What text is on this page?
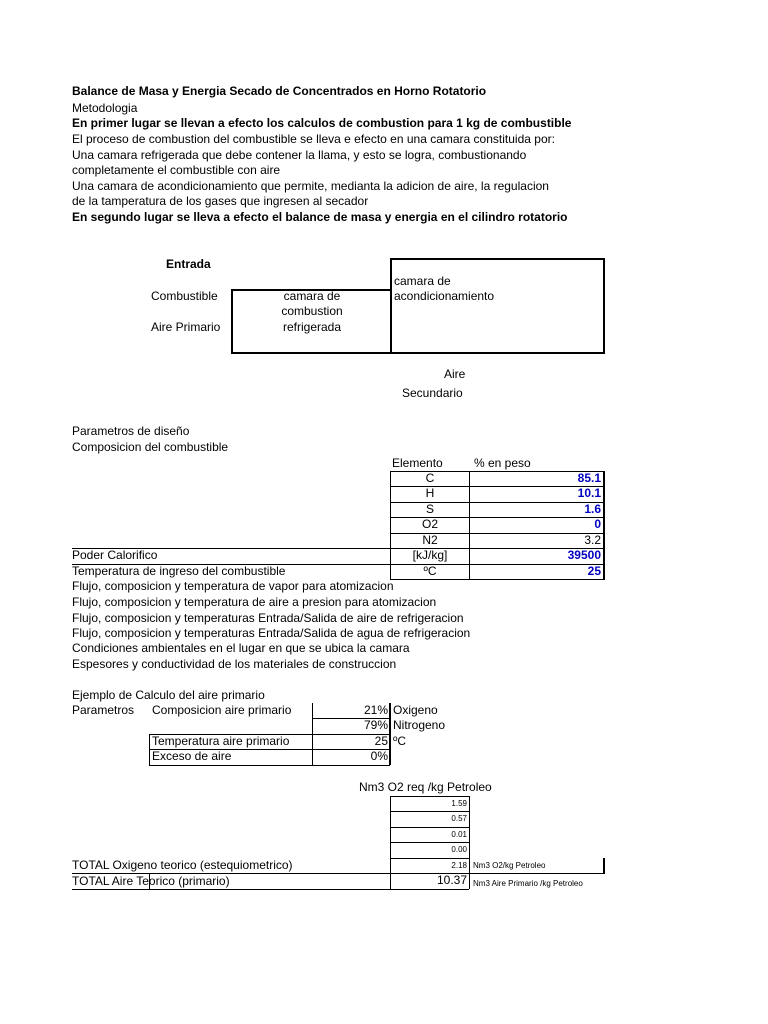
Balance de Masa y Energia Secado de Concentrados en Horno Rotatorio
Metodologia
En primer lugar se llevan a efecto los calculos de combustion para 1 kg de combustible
El proceso de combustion del combustible se lleva e efecto en una camara constituida por:
Una camara refrigerada que debe contener la llama, y esto se logra, combustionando
completamente el combustible con aire
Una camara de acondicionamiento que permite, mediantа la adicion de aire, la regulacion
de la tamperatura de los gases que ingresen al secador
En segundo lugar se lleva a efecto el balance de masa y energia en el cilindro rotatorio
Entrada
camara de
acondicionamiento
Combustible
Aire Primario
camara de
combustion
refrigerada
Aire
Secundario
Parametros de diseño
Composicion del combustible
Elemento	% en peso
C	85.1
H	10.1
S	1.6
O2	0
N2	3.2
Poder Calorifico	[kJ/kg]	39500
Temperatura de ingreso del combustible	ºC	25
Flujo, composicion y temperatura de vapor para atomizacion
Flujo, composicion y temperatura de aire a presion para atomizacion
Flujo, composicion y temperaturas Entrada/Salida de aire de refrigeracion
Flujo, composicion y temperaturas Entrada/Salida de agua de refrigeracion
Condiciones ambientales en el lugar en que se ubica la camara
Espesores y conductividad de los materiales de construccion
Ejemplo de Calculo del aire primario
Parametros Composicion aire primario	21% Oxigeno
79% Nitrogeno
Temperatura aire primario	25 ºC
Exceso de aire	0%
Nm3 O2 req /kg Petroleo
1.59
0.57
0.01
0.00
TOTAL Oxigeno teorico (estequiometrico)	2.18 Nm3 O2/kg Petroleo
TOTAL Aire Teorico (primario)	10.37 Nm3 Aire Primario /kg Petroleo
